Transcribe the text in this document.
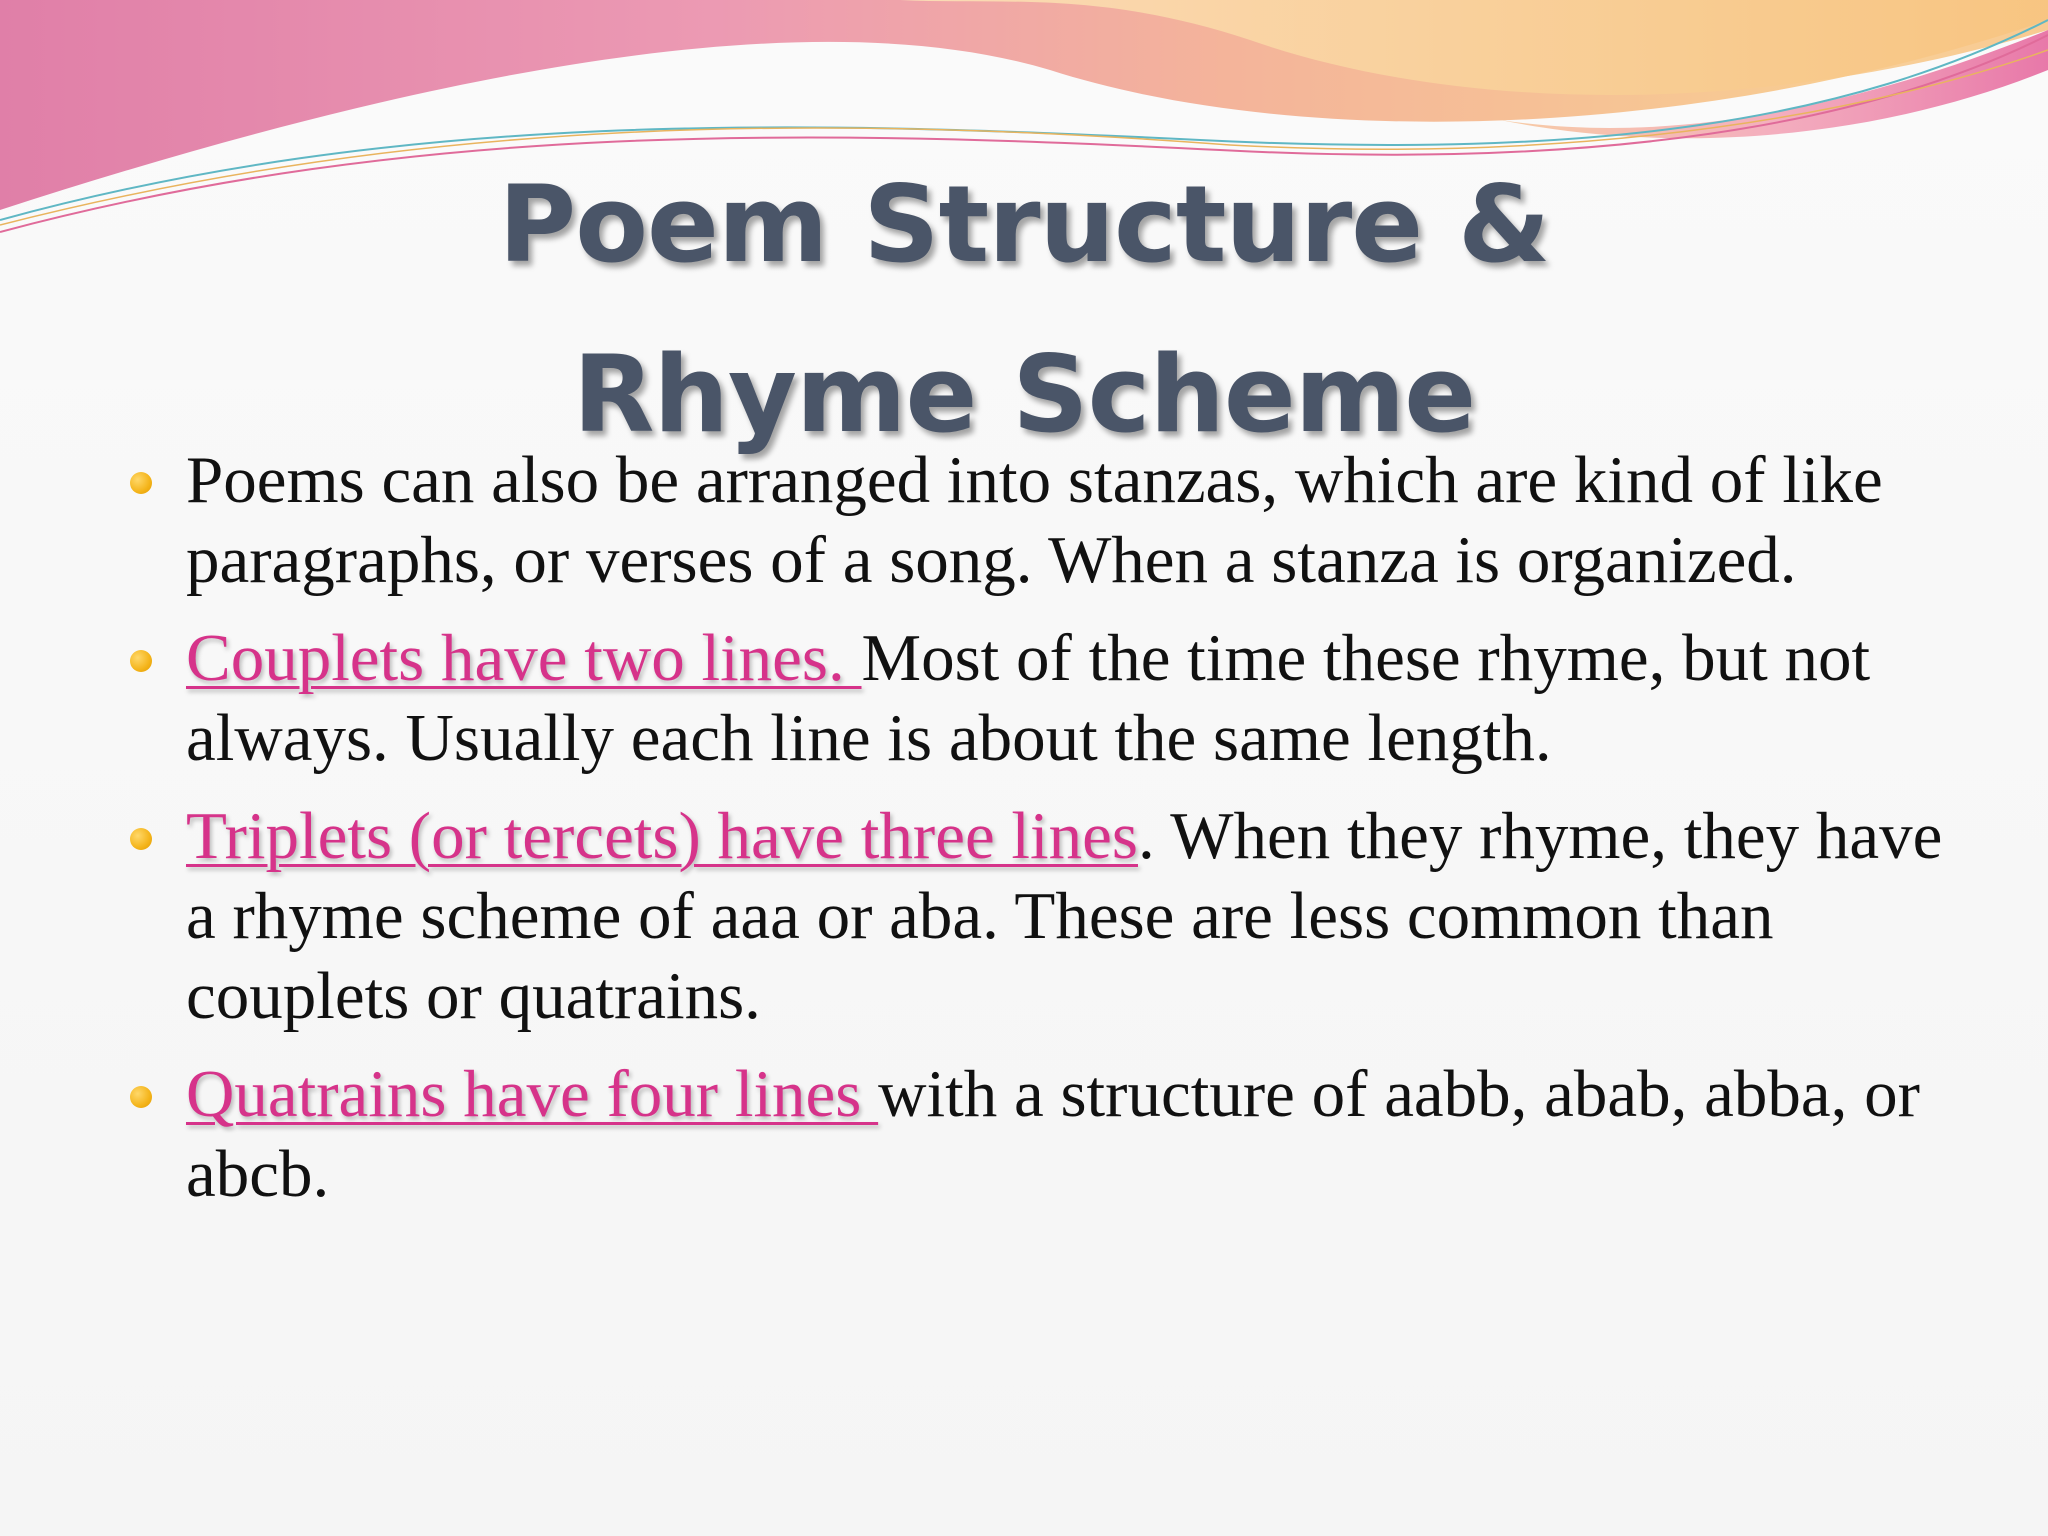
Poem Structure &
Rhyme Scheme
Poems can also be arranged into stanzas, which are kind of like paragraphs, or verses of a song. When a stanza is organized.
Couplets have two lines. Most of the time these rhyme, but not always. Usually each line is about the same length.
Triplets (or tercets) have three lines. When they rhyme, they have a rhyme scheme of aaa or aba. These are less common than couplets or quatrains.
Quatrains have four lines with a structure of aabb, abab, abba, or abcb.
